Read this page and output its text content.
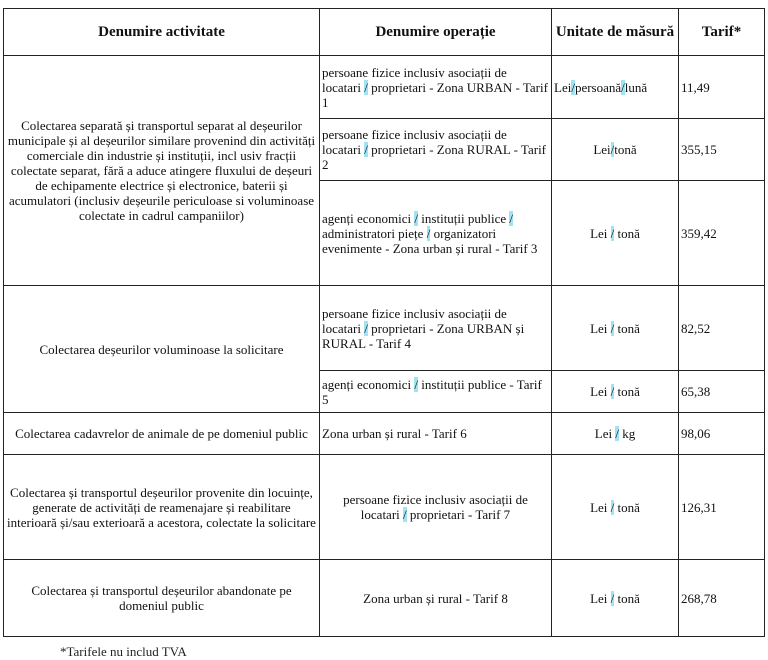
Denumire activitate	Denumire operație	Unitate de măsură	Tarif*
Colectarea separată și transportul separat al deșeurilor municipale și al deșeurilor similare provenind din activități comerciale din industrie și instituții, incl usiv fracții colectate separat, fără a aduce atingere fluxului de deșeuri de echipamente electrice și electronice, baterii și acumulatori (inclusiv deșeurile periculoase si voluminoase colectate in cadrul campaniilor)	persoane fizice inclusiv asociații de locatari / proprietari - Zona URBAN - Tarif 1	Lei/persoană/lună	11,49
	persoane fizice inclusiv asociații de locatari / proprietari - Zona RURAL - Tarif 2	Lei/tonă	355,15
	agenți economici / instituții publice / administratori piețe / organizatori evenimente - Zona urban și rural - Tarif 3	Lei / tonă	359,42
Colectarea deșeurilor voluminoase la solicitare	persoane fizice inclusiv asociații de locatari / proprietari - Zona URBAN și RURAL - Tarif 4	Lei / tonă	82,52
	agenți economici / instituții publice - Tarif 5	Lei / tonă	65,38
Colectarea cadavrelor de animale de pe domeniul public	Zona urban și rural - Tarif 6	Lei / kg	98,06
Colectarea și transportul deșeurilor provenite din locuințe, generate de activități de reamenajare și reabilitare interioară și/sau exterioară a acestora, colectate la solicitare	persoane fizice inclusiv asociații de locatari / proprietari - Tarif 7	Lei / tonă	126,31
Colectarea și transportul deșeurilor abandonate pe domeniul public	Zona urban și rural - Tarif 8	Lei / tonă	268,78
*Tarifele nu includ TVA
